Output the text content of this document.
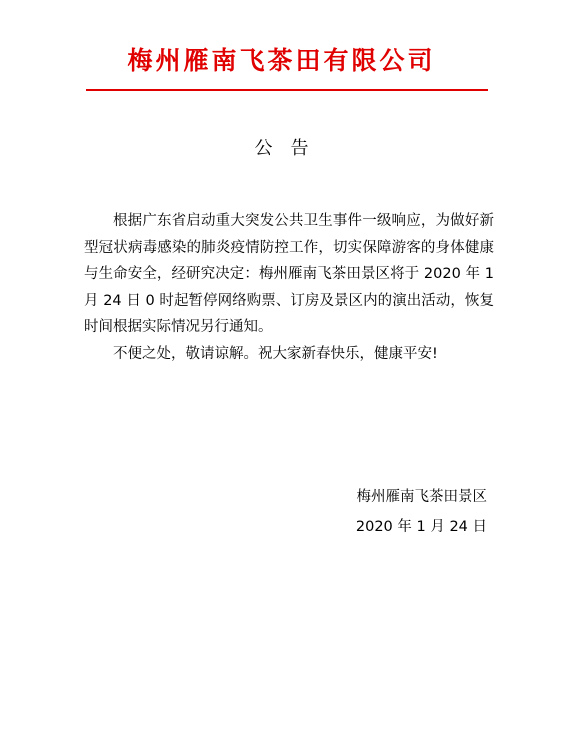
梅州雁南飞茶田有限公司
公　告

根据广东省启动重大突发公共卫生事件一级响应，为做好新型冠状病毒感染的肺炎疫情防控工作，切实保障游客的身体健康与生命安全，经研究决定：梅州雁南飞茶田景区将于 2020 年 1 月 24 日 0 时起暂停网络购票、订房及景区内的演出活动，恢复时间根据实际情况另行通知。

不便之处，敬请谅解。祝大家新春快乐，健康平安!

梅州雁南飞茶田景区
2020 年 1 月 24 日
